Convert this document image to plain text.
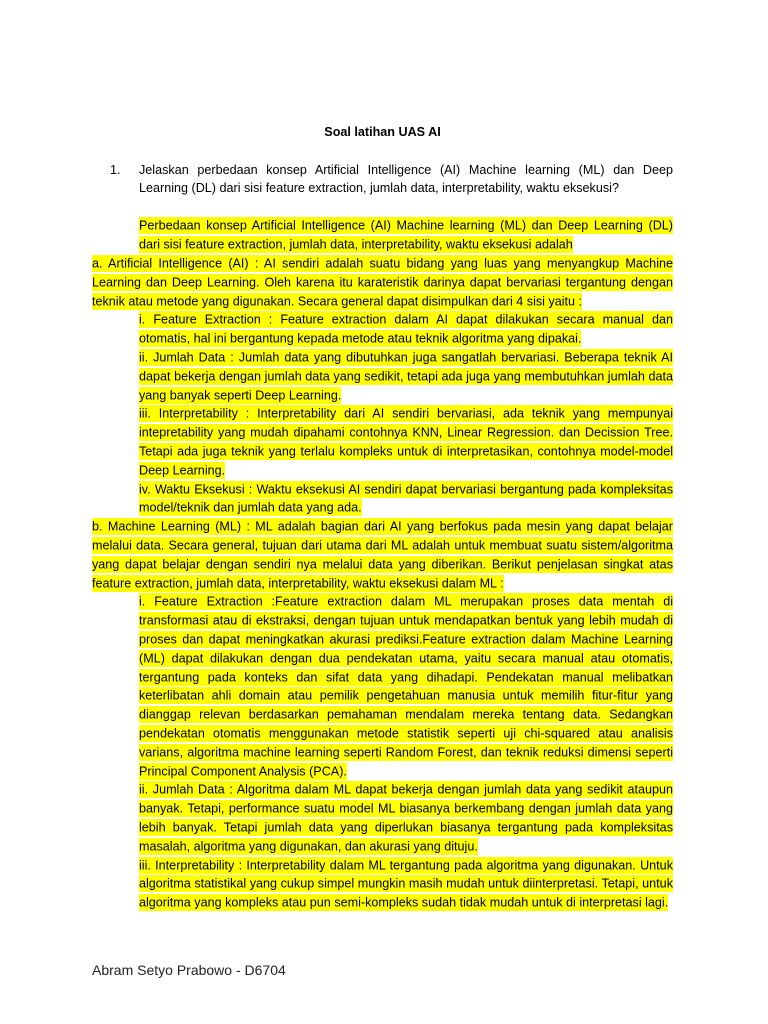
Soal latihan UAS AI

1.	Jelaskan perbedaan konsep Artificial Intelligence (AI) Machine learning (ML) dan Deep Learning (DL) dari sisi feature extraction, jumlah data, interpretability, waktu eksekusi?

Perbedaan konsep Artificial Intelligence (AI) Machine learning (ML) dan Deep Learning (DL) dari sisi feature extraction, jumlah data, interpretability, waktu eksekusi adalah

a. Artificial Intelligence (AI) : AI sendiri adalah suatu bidang yang luas yang menyangkup Machine Learning dan Deep Learning. Oleh karena itu karateristik darinya dapat bervariasi tergantung dengan teknik atau metode yang digunakan. Secara general dapat disimpulkan dari 4 sisi yaitu :

i. Feature Extraction : Feature extraction dalam AI dapat dilakukan secara manual dan otomatis, hal ini bergantung kepada metode atau teknik algoritma yang dipakai.

ii. Jumlah Data : Jumlah data yang dibutuhkan juga sangatlah bervariasi. Beberapa teknik AI dapat bekerja dengan jumlah data yang sedikit, tetapi ada juga yang membutuhkan jumlah data yang banyak seperti Deep Learning.

iii. Interpretability : Interpretability dari AI sendiri bervariasi, ada teknik yang mempunyai intepretability yang mudah dipahami contohnya KNN, Linear Regression. dan Decission Tree. Tetapi ada juga teknik yang terlalu kompleks untuk di interpretasikan, contohnya model-model Deep Learning.

iv. Waktu Eksekusi : Waktu eksekusi AI sendiri dapat bervariasi bergantung pada kompleksitas model/teknik dan jumlah data yang ada.

b. Machine Learning (ML) : ML adalah bagian dari AI yang berfokus pada mesin yang dapat belajar melalui data. Secara general, tujuan dari utama dari ML adalah untuk membuat suatu sistem/algoritma yang dapat belajar dengan sendiri nya melalui data yang diberikan. Berikut penjelasan singkat atas feature extraction, jumlah data, interpretability, waktu eksekusi dalam ML :

i. Feature Extraction :Feature extraction dalam ML merupakan proses data mentah di transformasi atau di ekstraksi, dengan tujuan untuk mendapatkan bentuk yang lebih mudah di proses dan dapat meningkatkan akurasi prediksi.Feature extraction dalam Machine Learning (ML) dapat dilakukan dengan dua pendekatan utama, yaitu secara manual atau otomatis, tergantung pada konteks dan sifat data yang dihadapi. Pendekatan manual melibatkan keterlibatan ahli domain atau pemilik pengetahuan manusia untuk memilih fitur-fitur yang dianggap relevan berdasarkan pemahaman mendalam mereka tentang data. Sedangkan pendekatan otomatis menggunakan metode statistik seperti uji chi-squared atau analisis varians, algoritma machine learning seperti Random Forest, dan teknik reduksi dimensi seperti Principal Component Analysis (PCA).

ii. Jumlah Data : Algoritma dalam ML dapat bekerja dengan jumlah data yang sedikit ataupun banyak. Tetapi, performance suatu model ML biasanya berkembang dengan jumlah data yang lebih banyak. Tetapi jumlah data yang diperlukan biasanya tergantung pada kompleksitas masalah, algoritma yang digunakan, dan akurasi yang dituju.

iii. Interpretability : Interpretability dalam ML tergantung pada algoritma yang digunakan. Untuk algoritma statistikal yang cukup simpel mungkin masih mudah untuk diinterpretasi. Tetapi, untuk algoritma yang kompleks atau pun semi-kompleks sudah tidak mudah untuk di interpretasi lagi.

Abram Setyo Prabowo - D6704
